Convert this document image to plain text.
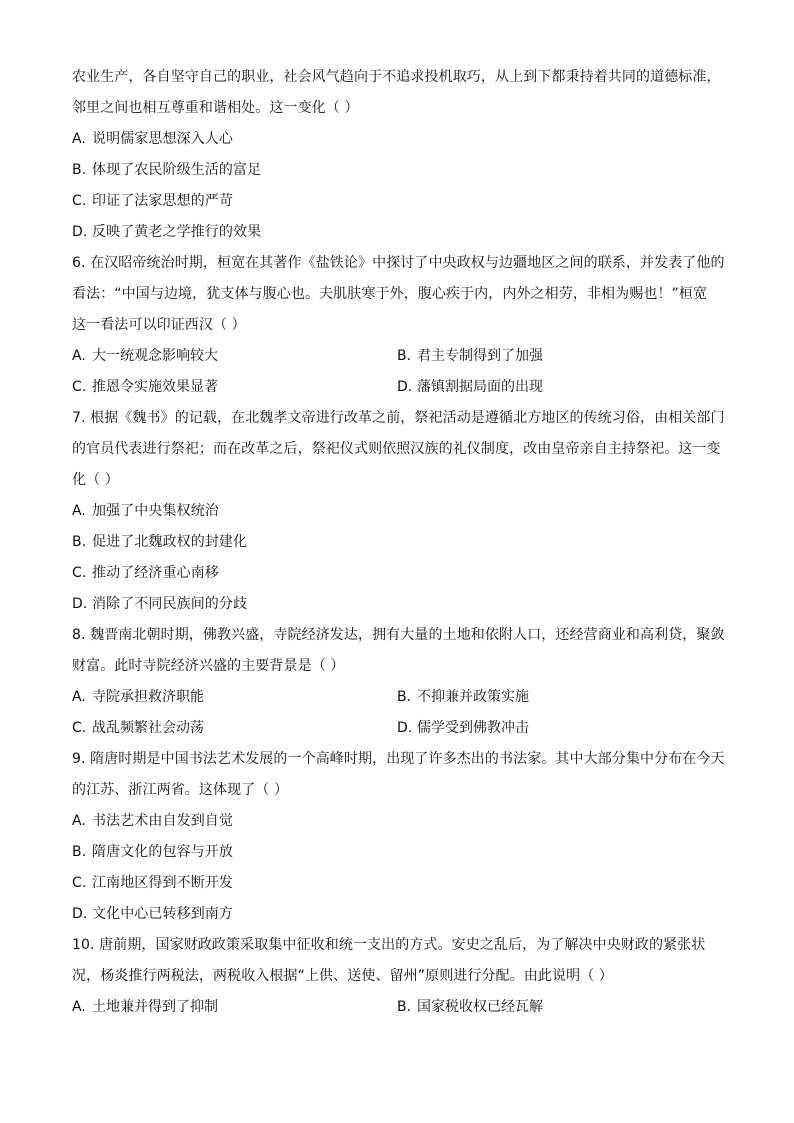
农业生产，各自坚守自己的职业，社会风气趋向于不追求投机取巧，从上到下都秉持着共同的道德标准，
邻里之间也相互尊重和谐相处。这一变化（ ）
A. 说明儒家思想深入人心
B. 体现了农民阶级生活的富足
C. 印证了法家思想的严苛
D. 反映了黄老之学推行的效果
6. 在汉昭帝统治时期，桓宽在其著作《盐铁论》中探讨了中央政权与边疆地区之间的联系，并发表了他的
看法：“中国与边境，犹支体与腹心也。夫肌肤寒于外，腹心疾于内，内外之相劳，非相为赐也！”桓宽
这一看法可以印证西汉（ ）
A. 大一统观念影响较大	B. 君主专制得到了加强
C. 推恩令实施效果显著	D. 藩镇割据局面的出现
7. 根据《魏书》的记载，在北魏孝文帝进行改革之前，祭祀活动是遵循北方地区的传统习俗，由相关部门
的官员代表进行祭祀；而在改革之后，祭祀仪式则依照汉族的礼仪制度，改由皇帝亲自主持祭祀。这一变
化（ ）
A. 加强了中央集权统治
B. 促进了北魏政权的封建化
C. 推动了经济重心南移
D. 消除了不同民族间的分歧
8. 魏晋南北朝时期，佛教兴盛，寺院经济发达，拥有大量的土地和依附人口，还经营商业和高利贷，聚敛
财富。此时寺院经济兴盛的主要背景是（ ）
A. 寺院承担救济职能	B. 不抑兼并政策实施
C. 战乱频繁社会动荡	D. 儒学受到佛教冲击
9. 隋唐时期是中国书法艺术发展的一个高峰时期，出现了许多杰出的书法家。其中大部分集中分布在今天
的江苏、浙江两省。这体现了（ ）
A. 书法艺术由自发到自觉
B. 隋唐文化的包容与开放
C. 江南地区得到不断开发
D. 文化中心已转移到南方
10. 唐前期，国家财政政策采取集中征收和统一支出的方式。安史之乱后，为了解决中央财政的紧张状
况，杨炎推行两税法，两税收入根据“上供、送使、留州”原则进行分配。由此说明（ ）
A. 土地兼并得到了抑制	B. 国家税收权已经瓦解
